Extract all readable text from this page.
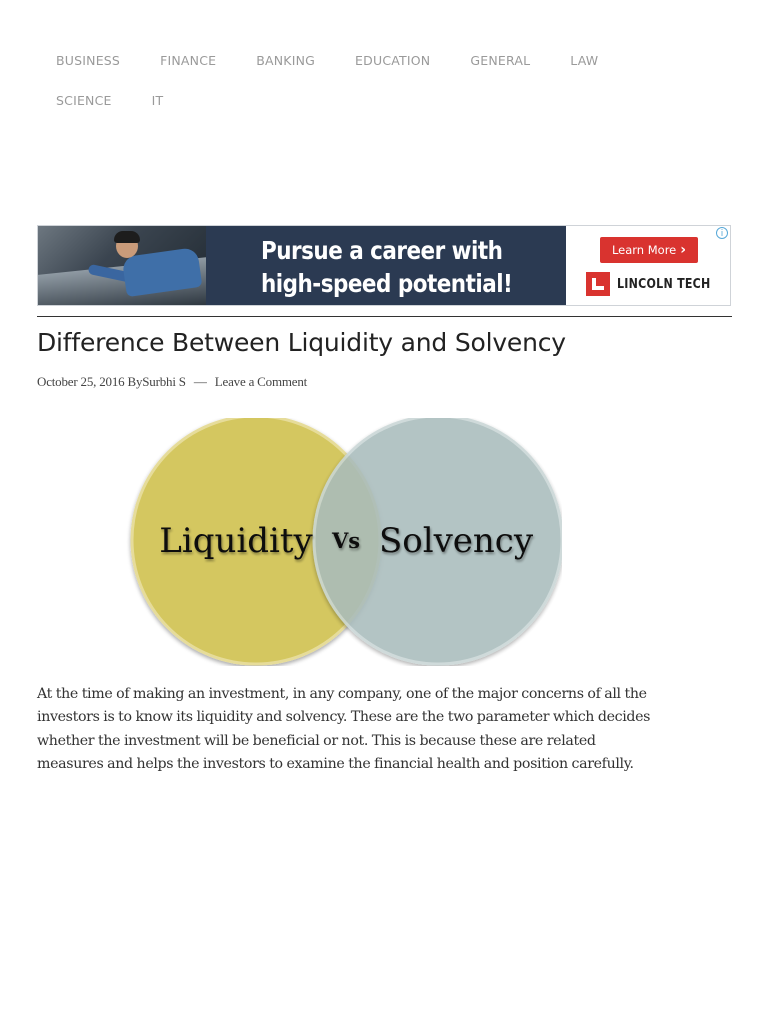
BUSINESS	FINANCE	BANKING	EDUCATION	GENERAL	LAW
SCIENCE	IT
Pursue a career with
high-speed potential!
Learn More ›
LINCOLN TECH
i
Difference Between Liquidity and Solvency
October 25, 2016 BySurbhi S — Leave a Comment
Liquidity Vs Solvency

At the time of making an investment, in any company, one of the major concerns of all the investors is to know its liquidity and solvency. These are the two parameter which decides whether the investment will be beneficial or not. This is because these are related measures and helps the investors to examine the financial health and position carefully.
